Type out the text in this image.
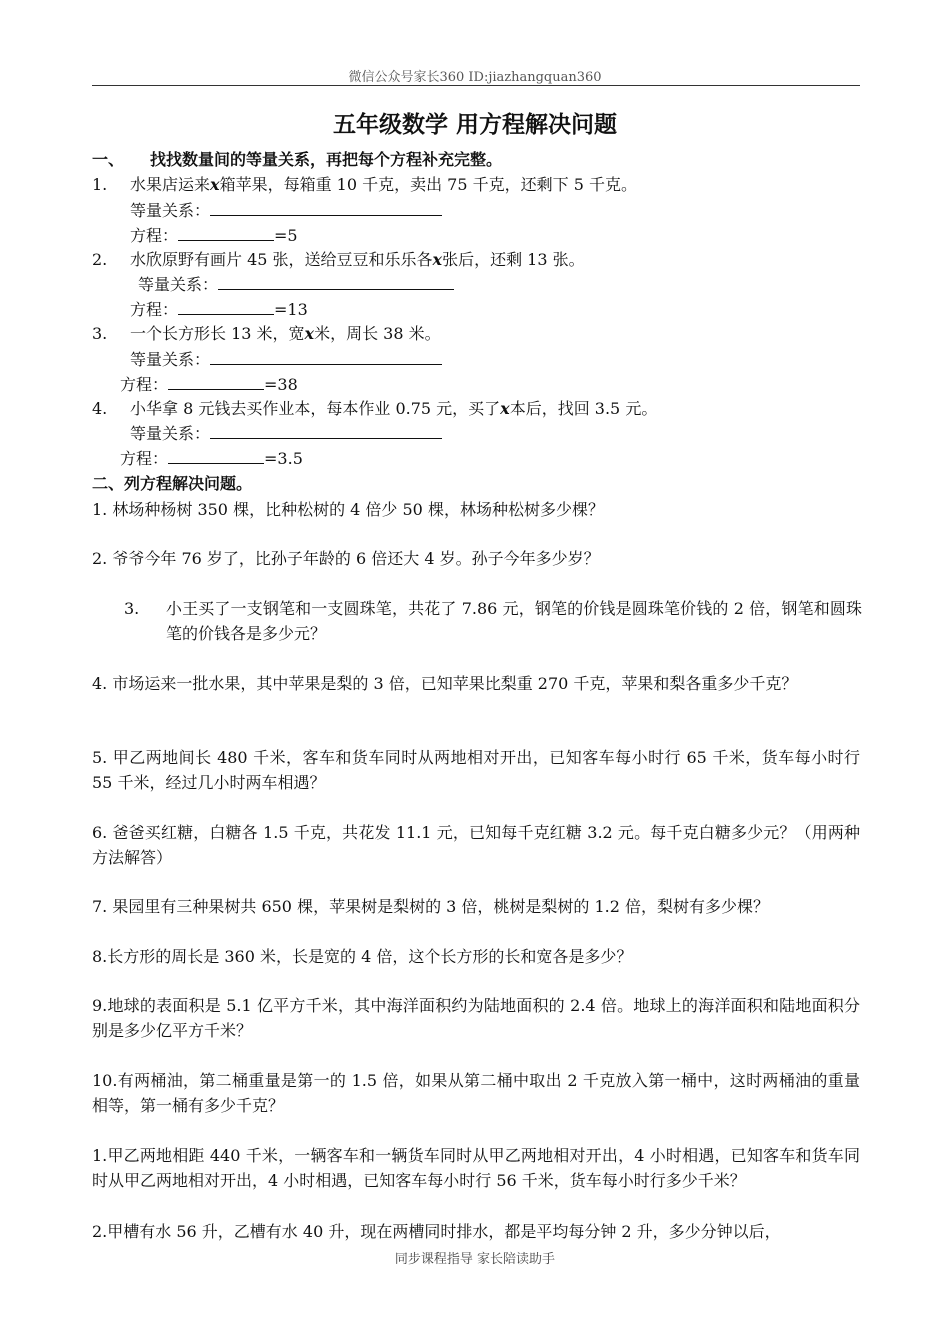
微信公众号家长360 ID:jiazhangquan360
五年级数学 用方程解决问题
一、 找找数量间的等量关系，再把每个方程补充完整。
1. 水果店运来x箱苹果，每箱重 10 千克，卖出 75 千克，还剩下 5 千克。
等量关系：
方程：	=5
2. 水欣原野有画片 45 张，送给豆豆和乐乐各x张后，还剩 13 张。
等量关系：
方程：	=13
3. 一个长方形长 13 米，宽x米，周长 38 米。
等量关系：
方程：	=38
4. 小华拿 8 元钱去买作业本，每本作业 0.75 元，买了x本后，找回 3.5 元。
等量关系：
方程：	=3.5
二、列方程解决问题。
1. 林场种杨树 350 棵，比种松树的 4 倍少 50 棵，林场种松树多少棵？
2. 爷爷今年 76 岁了，比孙子年龄的 6 倍还大 4 岁。孙子今年多少岁？
3. 小王买了一支钢笔和一支圆珠笔，共花了 7.86 元，钢笔的价钱是圆珠笔价钱的 2 倍，钢笔和圆珠笔的价钱各是多少元？
4. 市场运来一批水果，其中苹果是梨的 3 倍，已知苹果比梨重 270 千克，苹果和梨各重多少千克？
5. 甲乙两地间长 480 千米，客车和货车同时从两地相对开出，已知客车每小时行 65 千米，货车每小时行 55 千米，经过几小时两车相遇？
6. 爸爸买红糖，白糖各 1.5 千克，共花发 11.1 元，已知每千克红糖 3.2 元。每千克白糖多少元？（用两种方法解答）
7. 果园里有三种果树共 650 棵，苹果树是梨树的 3 倍，桃树是梨树的 1.2 倍，梨树有多少棵？
8.长方形的周长是 360 米，长是宽的 4 倍，这个长方形的长和宽各是多少？
9.地球的表面积是 5.1 亿平方千米，其中海洋面积约为陆地面积的 2.4 倍。地球上的海洋面积和陆地面积分别是多少亿平方千米？
10.有两桶油，第二桶重量是第一的 1.5 倍，如果从第二桶中取出 2 千克放入第一桶中，这时两桶油的重量相等，第一桶有多少千克？
1.甲乙两地相距 440 千米，一辆客车和一辆货车同时从甲乙两地相对开出，4 小时相遇，已知客车和货车同时从甲乙两地相对开出，4 小时相遇，已知客车每小时行 56 千米，货车每小时行多少千米？
2.甲槽有水 56 升，乙槽有水 40 升，现在两槽同时排水，都是平均每分钟 2 升，多少分钟以后，
同步课程指导 家长陪读助手
